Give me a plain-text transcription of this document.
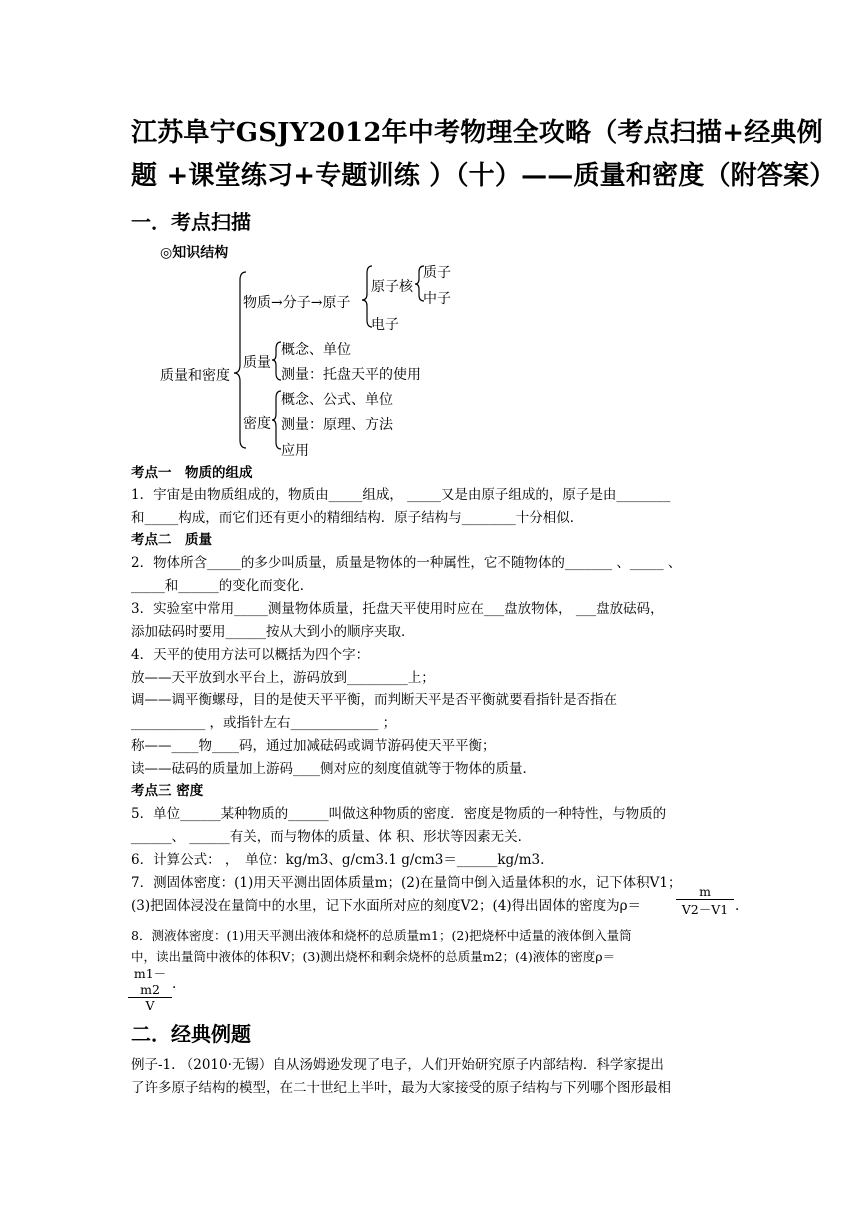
江苏阜宁GSJY2012年中考物理全攻略（考点扫描+经典例
题 +课堂练习+专题训练 ）（十）——质量和密度（附答案）
一．考点扫描
◎知识结构
质量和密度
物质→分子→原子
原子核
质子
中子
电子
质量
概念、单位
测量：托盘天平的使用
密度
概念、公式、单位
测量：原理、方法
应用
考点一　物质的组成
1．宇宙是由物质组成的，物质由_____组成， _____又是由原子组成的，原子是由________
和_____构成，而它们还有更小的精细结构．原子结构与________十分相似．
考点二　质量
2．物体所含_____的多少叫质量，质量是物体的一种属性，它不随物体的_______ 、_____ 、
_____和______的变化而变化．
3．实验室中常用_____测量物体质量，托盘天平使用时应在___盘放物体， ___盘放砝码，
添加砝码时要用______按从大到小的顺序夹取．
4．天平的使用方法可以概括为四个字：
放——天平放到水平台上，游码放到_________上；
调——调平衡螺母，目的是使天平平衡，而判断天平是否平衡就要看指针是否指在
___________ ，或指针左右_____________ ；
称——____物____码，通过加减砝码或调节游码使天平平衡；
读——砝码的质量加上游码____侧对应的刻度值就等于物体的质量．
考点三 密度
5．单位______某种物质的______叫做这种物质的密度．密度是物质的一种特性，与物质的
______、 ______有关，而与物体的质量、体 积、形状等因素无关．
6．计算公式： ，　单位：kg/m3、g/cm3.1 g/cm3＝______kg/m3.
7．测固体密度：(1)用天平测出固体质量m；(2)在量筒中倒入适量体积的水，记下体积V1；
(3)把固体浸没在量筒中的水里，记下水面所对应的刻度V2；(4)得出固体的密度为ρ＝	$\frac{m}{V2-V1}$ .
8．测液体密度：(1)用天平测出液体和烧杯的总质量m1；(2)把烧杯中适量的液体倒入量筒
中，读出量筒中液体的体积V；(3)测出烧杯和剩余烧杯的总质量m2；(4)液体的密度ρ＝
$\frac{m1-m2}{V}$ .
二．经典例题
例子-1. （2010·无锡）自从汤姆逊发现了电子，人们开始研究原子内部结构．科学家提出
了许多原子结构的模型，在二十世纪上半叶，最为大家接受的原子结构与下列哪个图形最相
